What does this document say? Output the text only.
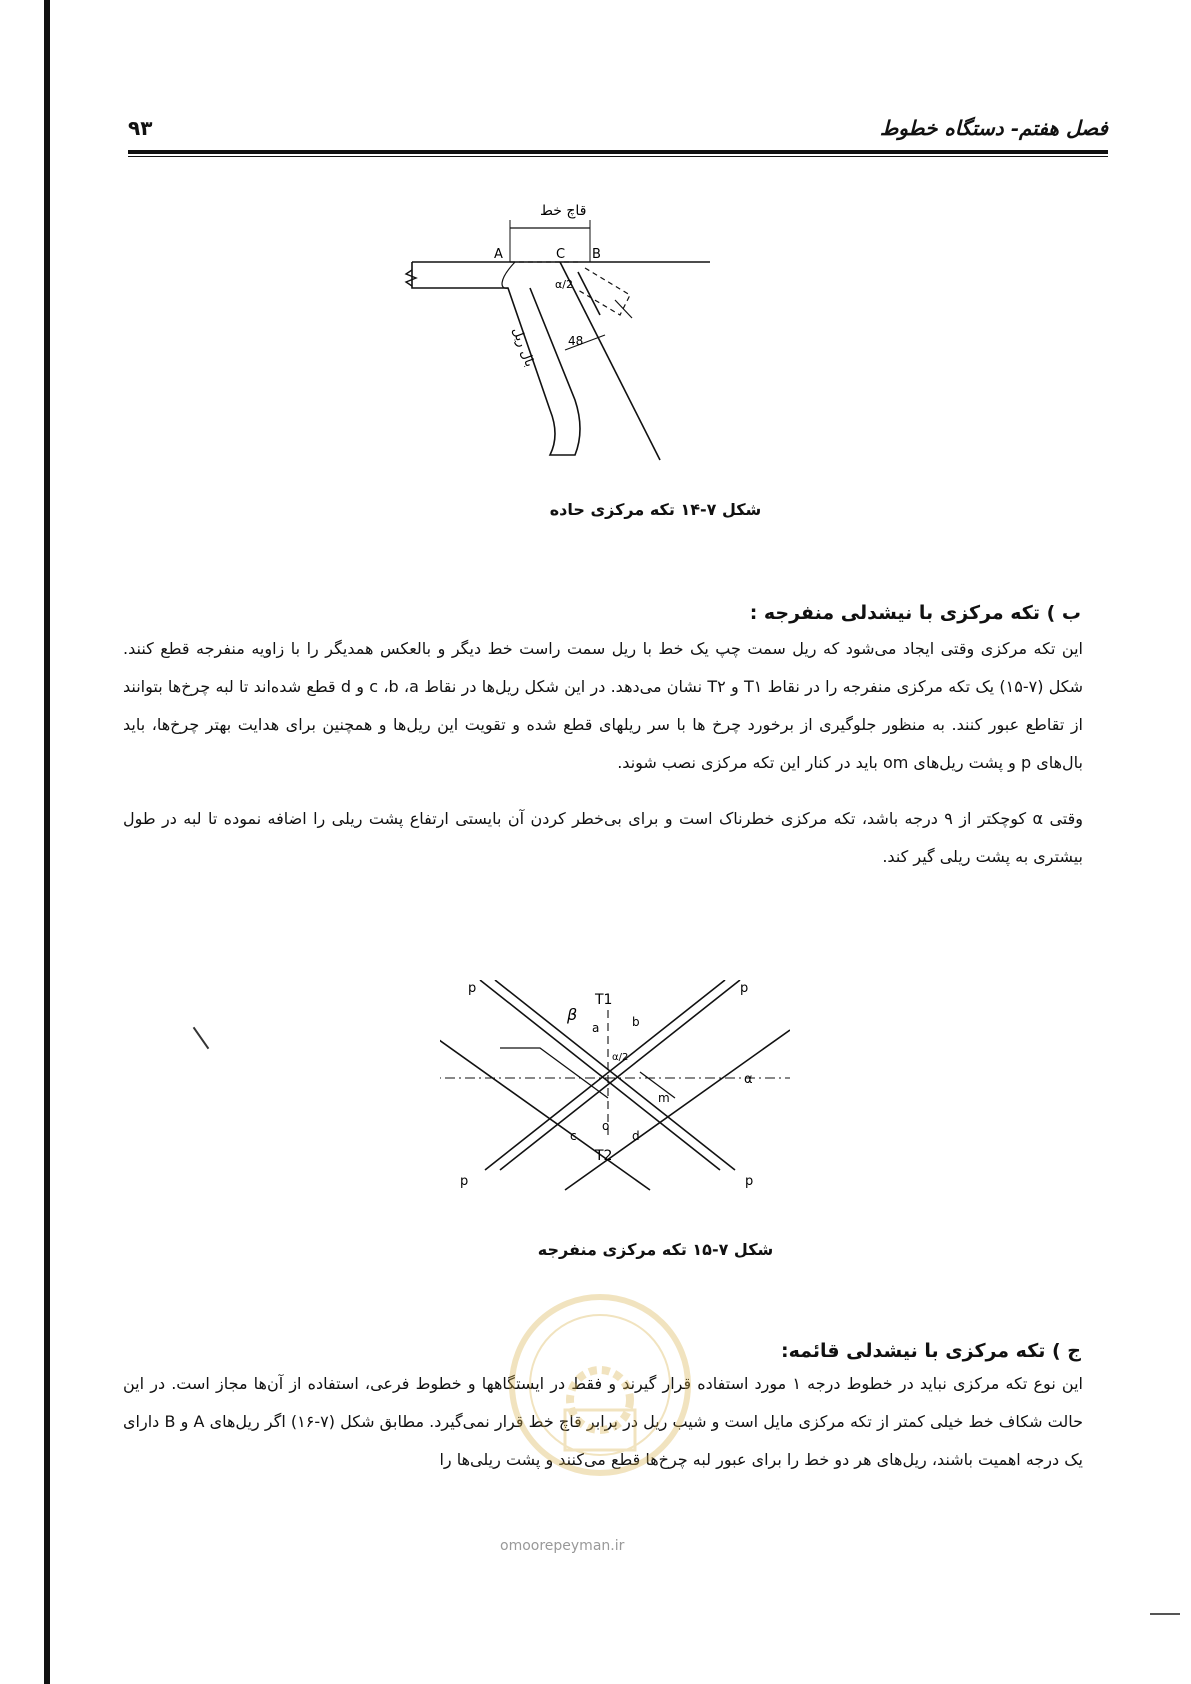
فصل هفتم- دستگاه خطوط
۹۳
قاچ خط
A	C B
α/2
بال ریل	48
شکل ۷-۱۴ تکه مرکزی حاده
ب ) تکه مرکزی با نیشدلی منفرجه :
این تکه مرکزی وقتی ایجاد می‌شود که ریل سمت چپ یک خط با ریل سمت راست خط دیگر و بالعکس همدیگر را با زاویه منفرجه قطع کنند. شکل (۷-۱۵) یک تکه مرکزی منفرجه را در نقاط T۱ و T۲ نشان می‌دهد. در این شکل ریل‌ها در نقاط c ،b ،a و d قطع شده‌اند تا لبه چرخ‌ها بتوانند از تقاطع عبور کنند. به منظور جلوگیری از برخورد چرخ ها با سر ریلهای قطع شده و تقویت این ریل‌ها و همچنین برای هدایت بهتر چرخ‌ها، باید بال‌های p و پشت ریل‌های om باید در کنار این تکه مرکزی نصب شوند.
وقتی α کوچکتر از ۹ درجه باشد، تکه مرکزی خطرناک است و برای بی‌خطر کردن آن بایستی ارتفاع پشت ریلی را اضافه نموده تا لبه در طول بیشتری به پشت ریلی گیر کند.
p	p
p	p
T1
T2
β
a	b
c	d
α
m
o
α/2
شکل ۷-۱۵ تکه مرکزی منفرجه
ج ) تکه مرکزی با نیشدلی قائمه:
این نوع تکه مرکزی نباید در خطوط درجه ۱ مورد استفاده قرار گیرند و فقط در ایستگاهها و خطوط فرعی، استفاده از آن‌ها مجاز است. در این حالت شکاف خط خیلی کمتر از تکه مرکزی مایل است و شیب ریل در برابر قاچ خط قرار نمی‌گیرد. مطابق شکل (۷-۱۶) اگر ریل‌های A و B دارای یک درجه اهمیت باشند، ریل‌های هر دو خط را برای عبور لبه چرخ‌ها قطع می‌کنند و پشت ریلی‌ها را
omoorepeyman.ir
